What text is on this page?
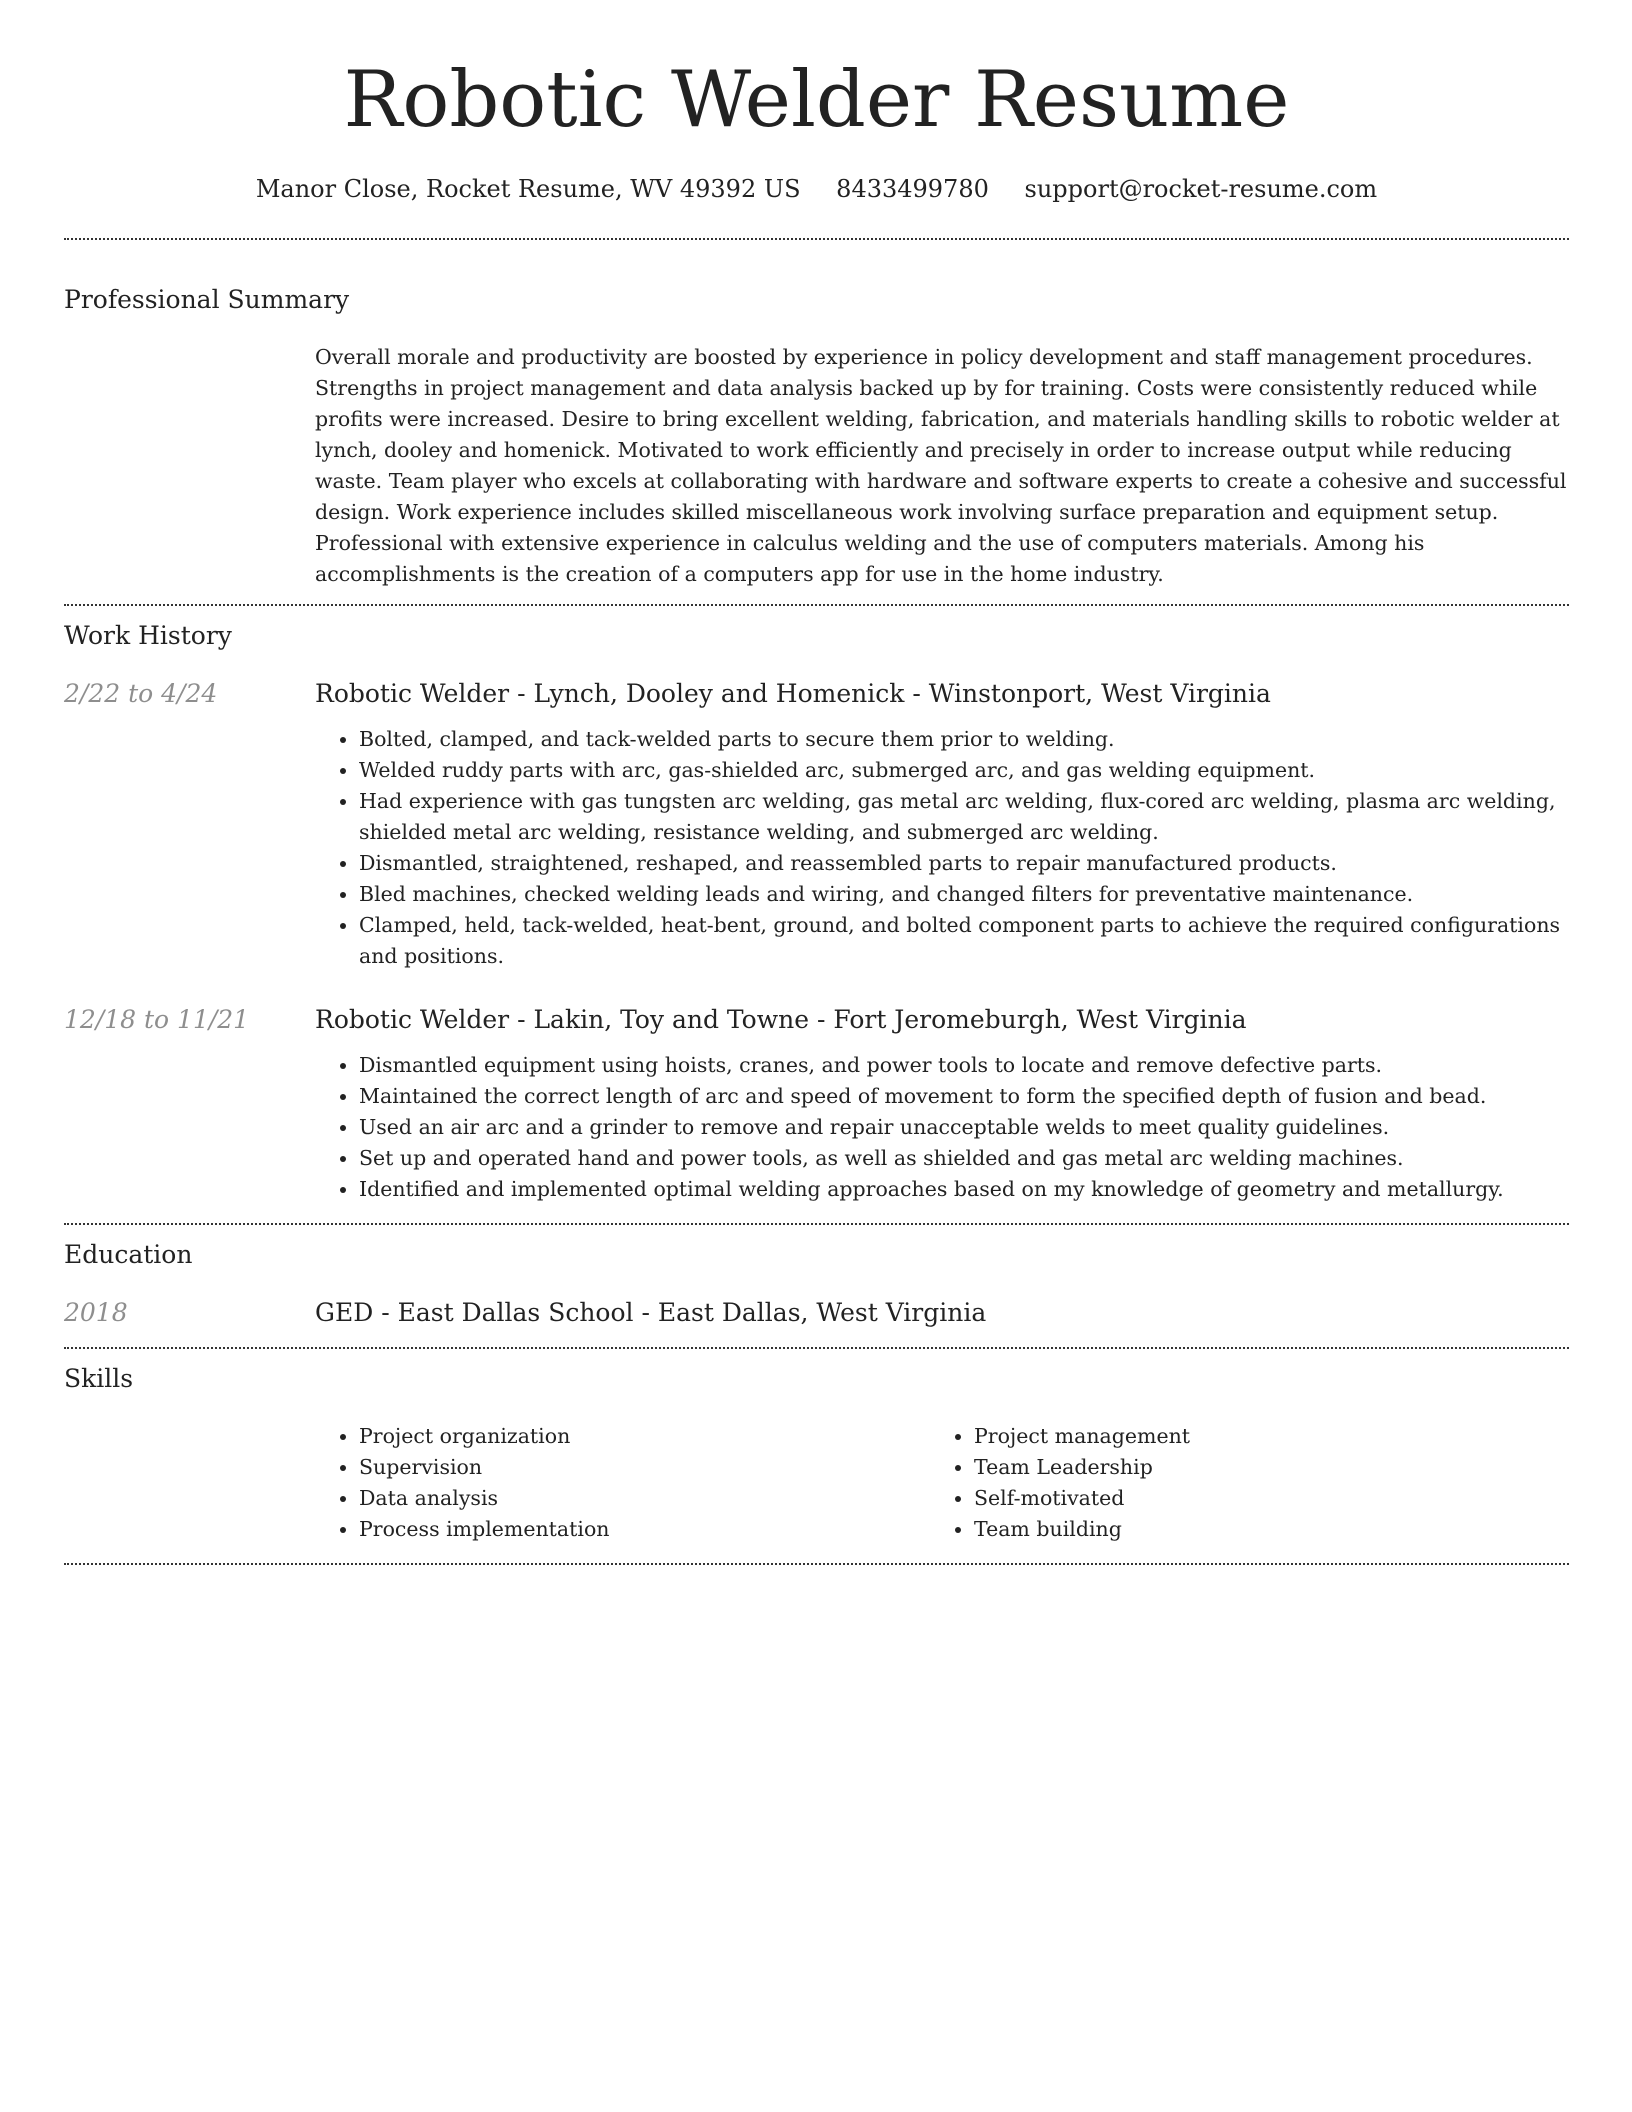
Robotic Welder Resume
Manor Close, Rocket Resume, WV 49392 US 8433499780 support@rocket-resume.com
Professional Summary

Overall morale and productivity are boosted by experience in policy development and staff management procedures. Strengths in project management and data analysis backed up by for training. Costs were consistently reduced while profits were increased. Desire to bring excellent welding, fabrication, and materials handling skills to robotic welder at lynch, dooley and homenick. Motivated to work efficiently and precisely in order to increase output while reducing waste. Team player who excels at collaborating with hardware and software experts to create a cohesive and successful design. Work experience includes skilled miscellaneous work involving surface preparation and equipment setup. Professional with extensive experience in calculus welding and the use of computers materials. Among his accomplishments is the creation of a computers app for use in the home industry.

Work History
2/22 to 4/24	Robotic Welder - Lynch, Dooley and Homenick - Winstonport, West Virginia
• Bolted, clamped, and tack-welded parts to secure them prior to welding.
• Welded ruddy parts with arc, gas-shielded arc, submerged arc, and gas welding equipment.
• Had experience with gas tungsten arc welding, gas metal arc welding, flux-cored arc welding, plasma arc welding, shielded metal arc welding, resistance welding, and submerged arc welding.
• Dismantled, straightened, reshaped, and reassembled parts to repair manufactured products.
• Bled machines, checked welding leads and wiring, and changed filters for preventative maintenance.
• Clamped, held, tack-welded, heat-bent, ground, and bolted component parts to achieve the required configurations and positions.
12/18 to 11/21	Robotic Welder - Lakin, Toy and Towne - Fort Jeromeburgh, West Virginia
• Dismantled equipment using hoists, cranes, and power tools to locate and remove defective parts.
• Maintained the correct length of arc and speed of movement to form the specified depth of fusion and bead.
• Used an air arc and a grinder to remove and repair unacceptable welds to meet quality guidelines.
• Set up and operated hand and power tools, as well as shielded and gas metal arc welding machines.
• Identified and implemented optimal welding approaches based on my knowledge of geometry and metallurgy.
Education
2018	GED - East Dallas School - East Dallas, West Virginia
Skills
• Project organization
• Supervision
• Data analysis
• Process implementation
• Project management
• Team Leadership
• Self-motivated
• Team building
